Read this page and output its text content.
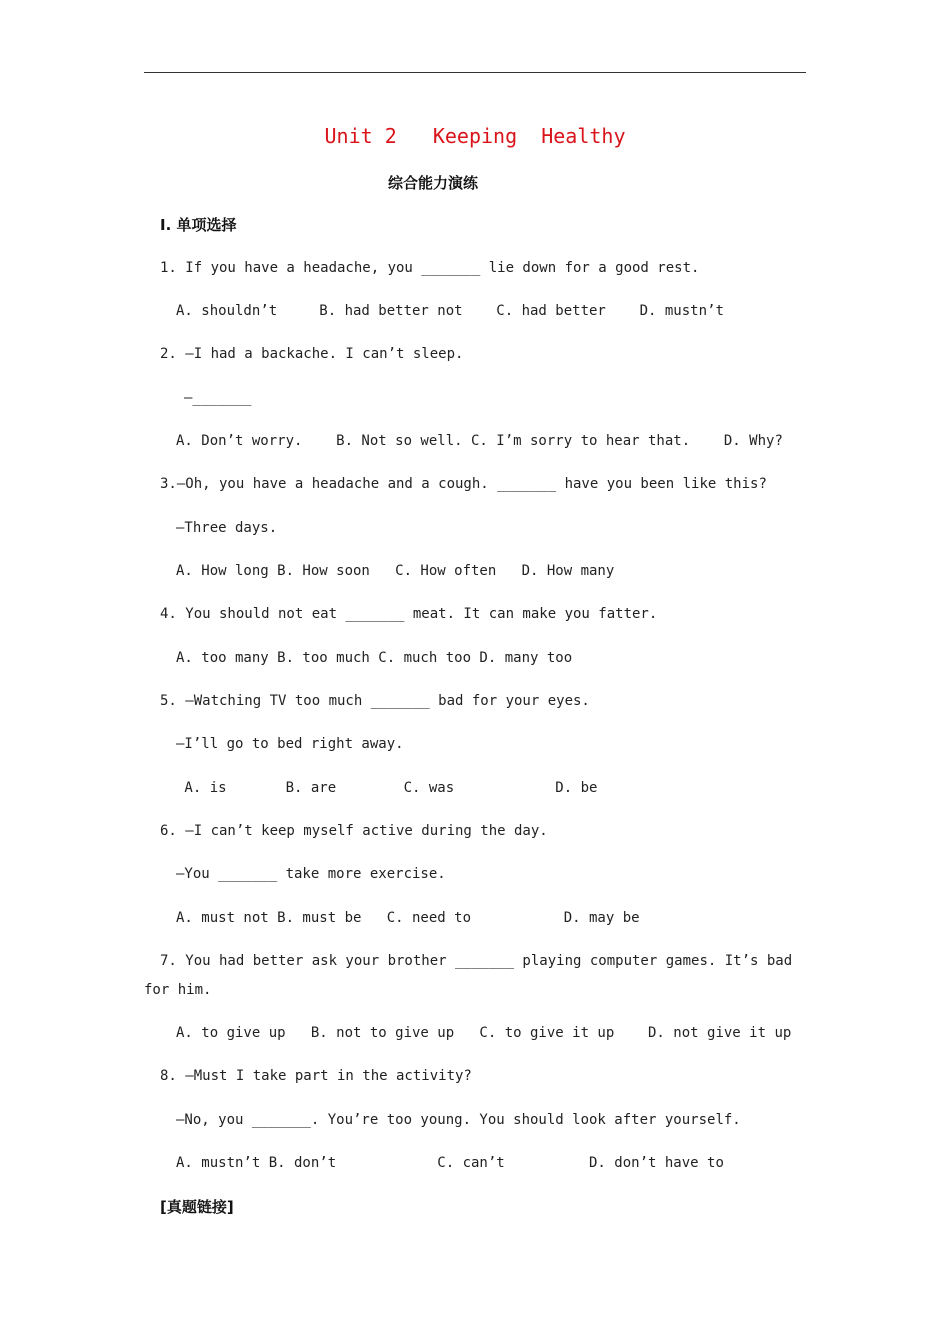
Unit 2   Keeping  Healthy
综合能力演练
I. 单项选择
1. If you have a headache, you _______ lie down for a good rest.
A. shouldn’t     B. had better not    C. had better    D. mustn’t
2. —I had a backache. I can’t sleep.
—_______
A. Don’t worry.    B. Not so well. C. I’m sorry to hear that.    D. Why?
3.—Oh, you have a headache and a cough. _______ have you been like this?
—Three days.
A. How long B. How soon   C. How often   D. How many
4. You should not eat _______ meat. It can make you fatter.
A. too many B. too much C. much too D. many too
5. —Watching TV too much _______ bad for your eyes.
—I’ll go to bed right away.
A. is       B. are        C. was            D. be
6. —I can’t keep myself active during the day.
—You _______ take more exercise.
A. must not B. must be   C. need to           D. may be
7. You had better ask your brother _______ playing computer games. It’s bad
for him.
A. to give up   B. not to give up   C. to give it up    D. not give it up
8. —Must I take part in the activity?
—No, you _______. You’re too young. You should look after yourself.
A. mustn’t B. don’t            C. can’t          D. don’t have to
[真题链接]
